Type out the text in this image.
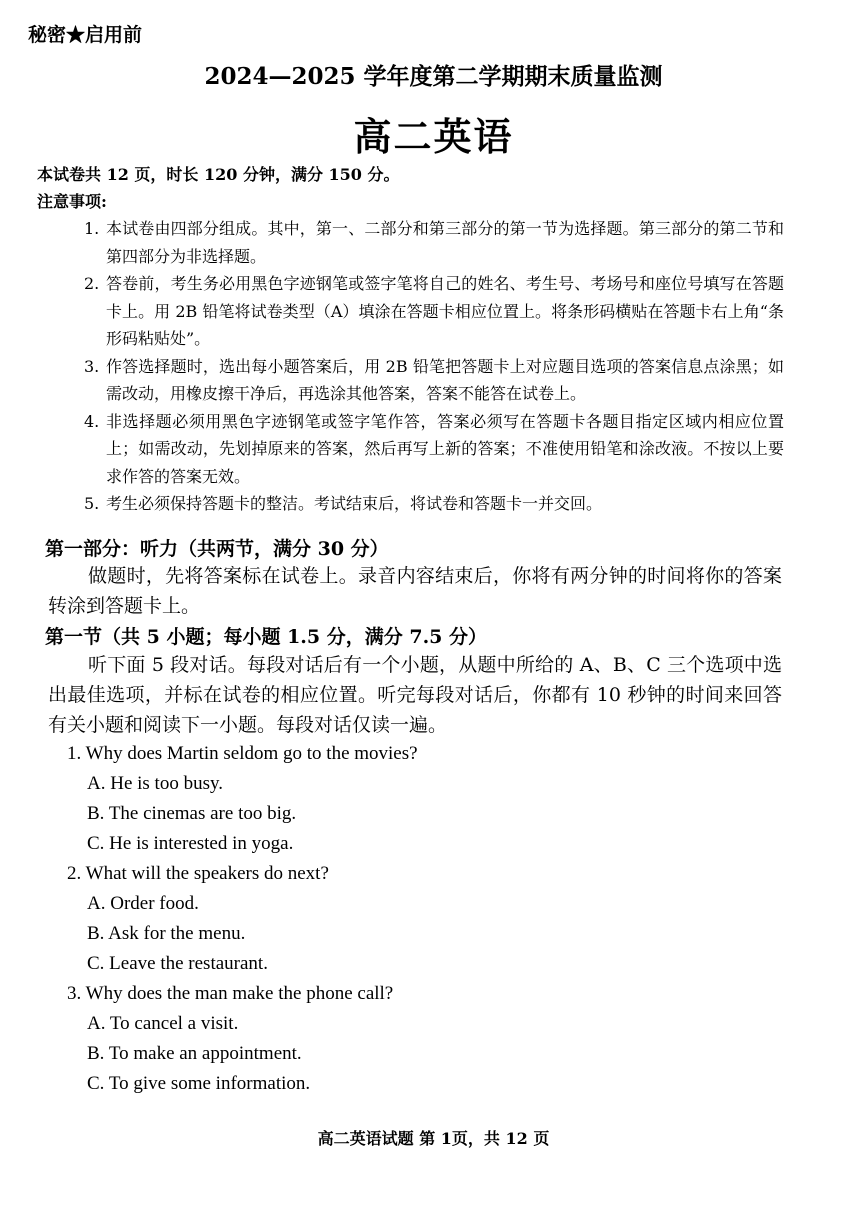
秘密★启用前
2024—2025 学年度第二学期期末质量监测
高二英语
本试卷共 12 页，时长 120 分钟，满分 150 分。
注意事项:
1. 本试卷由四部分组成。其中，第一、二部分和第三部分的第一节为选择题。第三部分的第二节和第四部分为非选择题。
2. 答卷前，考生务必用黑色字迹钢笔或签字笔将自己的姓名、考生号、考场号和座位号填写在答题卡上。用 2B 铅笔将试卷类型（A）填涂在答题卡相应位置上。将条形码横贴在答题卡右上角“条形码粘贴处”。
3. 作答选择题时，选出每小题答案后，用 2B 铅笔把答题卡上对应题目选项的答案信息点涂黑；如需改动，用橡皮擦干净后，再选涂其他答案，答案不能答在试卷上。
4. 非选择题必须用黑色字迹钢笔或签字笔作答，答案必须写在答题卡各题目指定区域内相应位置上；如需改动，先划掉原来的答案，然后再写上新的答案；不准使用铅笔和涂改液。不按以上要求作答的答案无效。
5. 考生必须保持答题卡的整洁。考试结束后，将试卷和答题卡一并交回。
第一部分：听力（共两节，满分 30 分）
做题时，先将答案标在试卷上。录音内容结束后，你将有两分钟的时间将你的答案转涂到答题卡上。
第一节（共 5 小题；每小题 1.5 分，满分 7.5 分）
听下面 5 段对话。每段对话后有一个小题，从题中所给的 A、B、C 三个选项中选出最佳选项，并标在试卷的相应位置。听完每段对话后，你都有 10 秒钟的时间来回答有关小题和阅读下一小题。每段对话仅读一遍。

1. Why does Martin seldom go to the movies?

A. He is too busy.

B. The cinemas are too big.

C. He is interested in yoga.

2. What will the speakers do next?

A. Order food.

B. Ask for the menu.

C. Leave the restaurant.

3. Why does the man make the phone call?

A. To cancel a visit.

B. To make an appointment.

C. To give some information.

高二英语试题 第 1页，共 12 页
